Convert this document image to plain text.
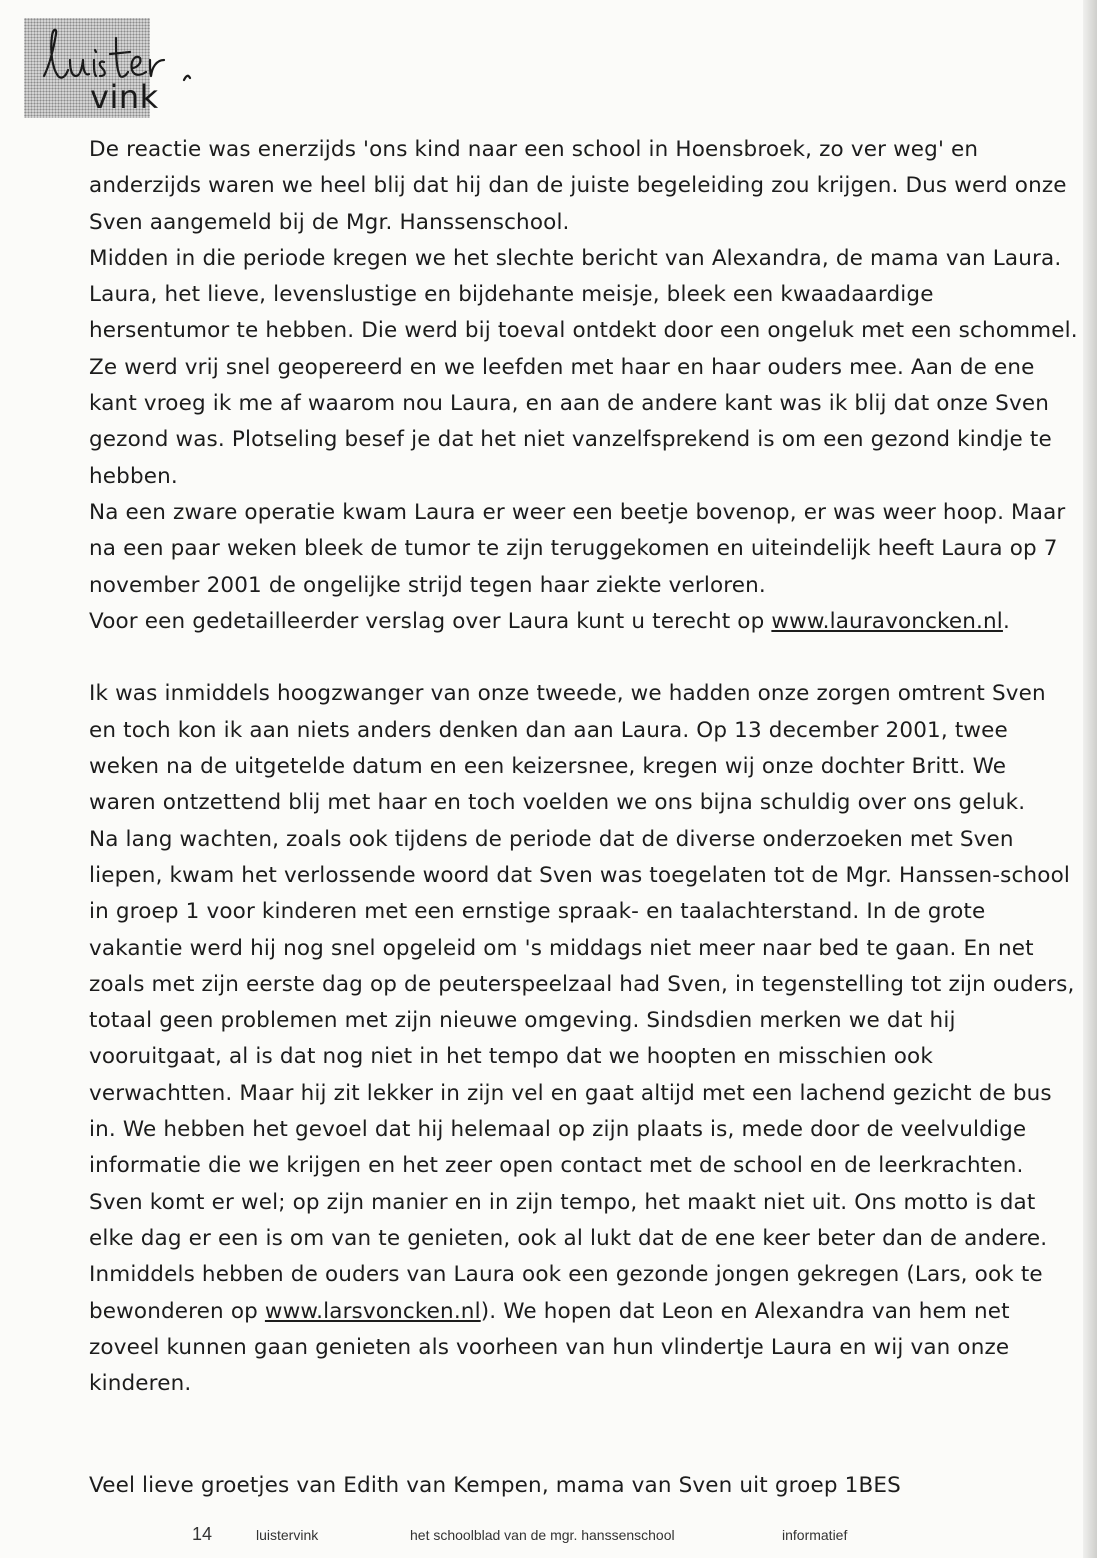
vink

De reactie was enerzijds 'ons kind naar een school in Hoensbroek, zo ver weg' en anderzijds waren we heel blij dat hij dan de juiste begeleiding zou krijgen. Dus werd onze Sven aangemeld bij de Mgr. Hanssenschool.

Midden in die periode kregen we het slechte bericht van Alexandra, de mama van Laura. Laura, het lieve, levenslustige en bijdehante meisje, bleek een kwaadaardige hersentumor te hebben. Die werd bij toeval ontdekt door een ongeluk met een schommel. Ze werd vrij snel geopereerd en we leefden met haar en haar ouders mee. Aan de ene kant vroeg ik me af waarom nou Laura, en aan de andere kant was ik blij dat onze Sven gezond was. Plotseling besef je dat het niet vanzelfsprekend is om een gezond kindje te hebben.

Na een zware operatie kwam Laura er weer een beetje bovenop, er was weer hoop. Maar na een paar weken bleek de tumor te zijn teruggekomen en uiteindelijk heeft Laura op 7 november 2001 de ongelijke strijd tegen haar ziekte verloren.

Voor een gedetailleerder verslag over Laura kunt u terecht op www.lauravoncken.nl.

Ik was inmiddels hoogzwanger van onze tweede, we hadden onze zorgen omtrent Sven en toch kon ik aan niets anders denken dan aan Laura. Op 13 december 2001, twee weken na de uitgetelde datum en een keizersnee, kregen wij onze dochter Britt. We waren ontzettend blij met haar en toch voelden we ons bijna schuldig over ons geluk.

Na lang wachten, zoals ook tijdens de periode dat de diverse onderzoeken met Sven liepen, kwam het verlossende woord dat Sven was toegelaten tot de Mgr. Hanssen-school in groep 1 voor kinderen met een ernstige spraak- en taalachterstand. In de grote vakantie werd hij nog snel opgeleid om 's middags niet meer naar bed te gaan. En net zoals met zijn eerste dag op de peuterspeelzaal had Sven, in tegenstelling tot zijn ouders, totaal geen problemen met zijn nieuwe omgeving. Sindsdien merken we dat hij vooruitgaat, al is dat nog niet in het tempo dat we hoopten en misschien ook verwachtten. Maar hij zit lekker in zijn vel en gaat altijd met een lachend gezicht de bus in. We hebben het gevoel dat hij helemaal op zijn plaats is, mede door de veelvuldige informatie die we krijgen en het zeer open contact met de school en de leerkrachten. Sven komt er wel; op zijn manier en in zijn tempo, het maakt niet uit. Ons motto is dat elke dag er een is om van te genieten, ook al lukt dat de ene keer beter dan de andere.

Inmiddels hebben de ouders van Laura ook een gezonde jongen gekregen (Lars, ook te bewonderen op www.larsvoncken.nl). We hopen dat Leon en Alexandra van hem net zoveel kunnen gaan genieten als voorheen van hun vlindertje Laura en wij van onze kinderen.

Veel lieve groetjes van Edith van Kempen, mama van Sven uit groep 1BES
14	luistervink	het schoolblad van de mgr. hanssenschool	informatief
